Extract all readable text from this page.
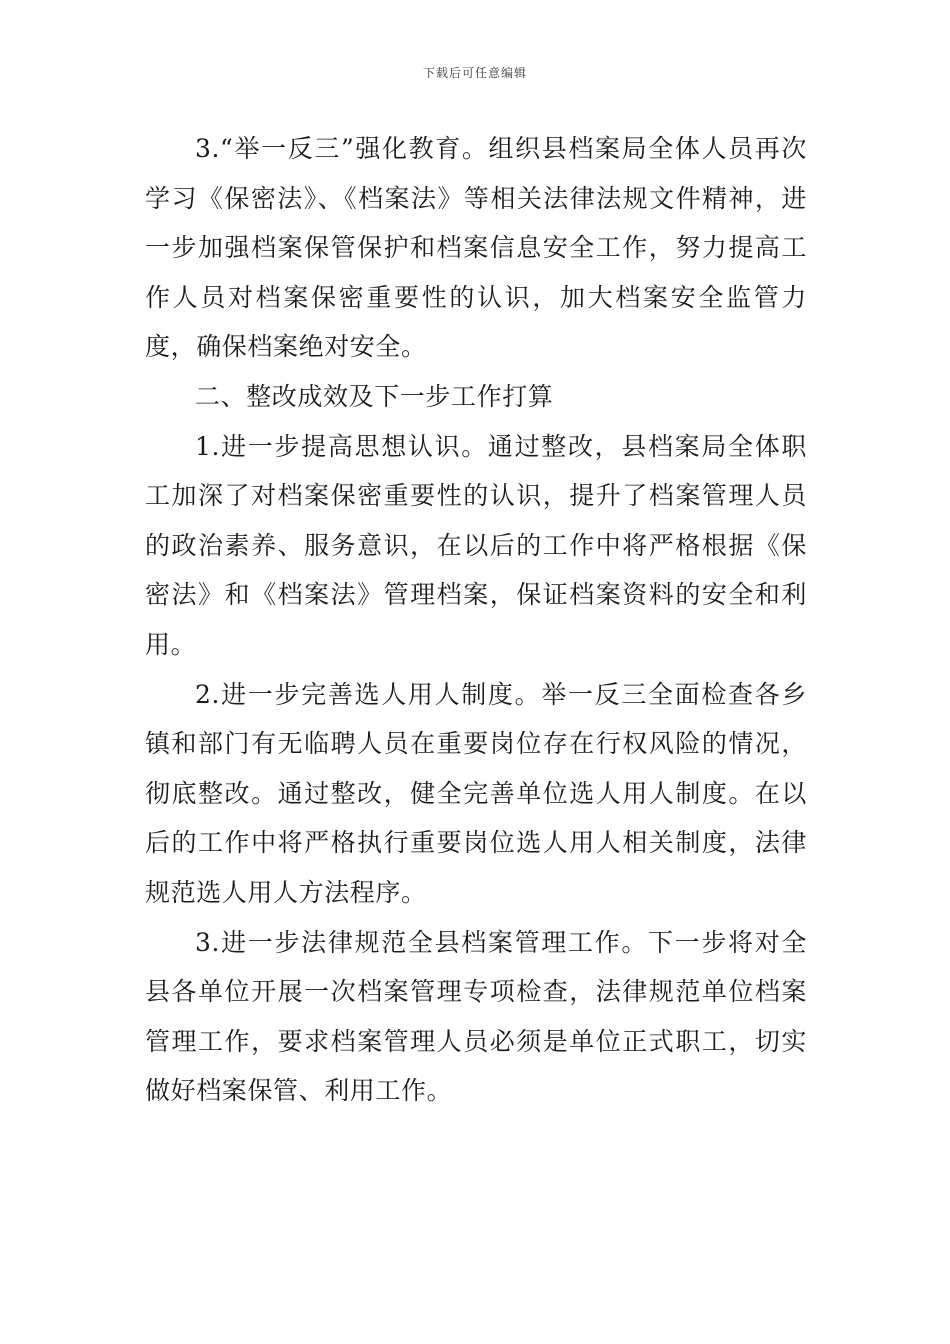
下载后可任意编辑

3.“举一反三”强化教育。组织县档案局全体人员再次学习《保密法》、《档案法》等相关法律法规文件精神，进一步加强档案保管保护和档案信息安全工作，努力提高工作人员对档案保密重要性的认识，加大档案安全监管力度，确保档案绝对安全。

二、整改成效及下一步工作打算

1.进一步提高思想认识。通过整改，县档案局全体职工加深了对档案保密重要性的认识，提升了档案管理人员的政治素养、服务意识，在以后的工作中将严格根据《保密法》和《档案法》管理档案，保证档案资料的安全和利用。

2.进一步完善选人用人制度。举一反三全面检查各乡镇和部门有无临聘人员在重要岗位存在行权风险的情况，彻底整改。通过整改，健全完善单位选人用人制度。在以后的工作中将严格执行重要岗位选人用人相关制度，法律规范选人用人方法程序。

3.进一步法律规范全县档案管理工作。下一步将对全县各单位开展一次档案管理专项检查，法律规范单位档案管理工作，要求档案管理人员必须是单位正式职工，切实做好档案保管、利用工作。
